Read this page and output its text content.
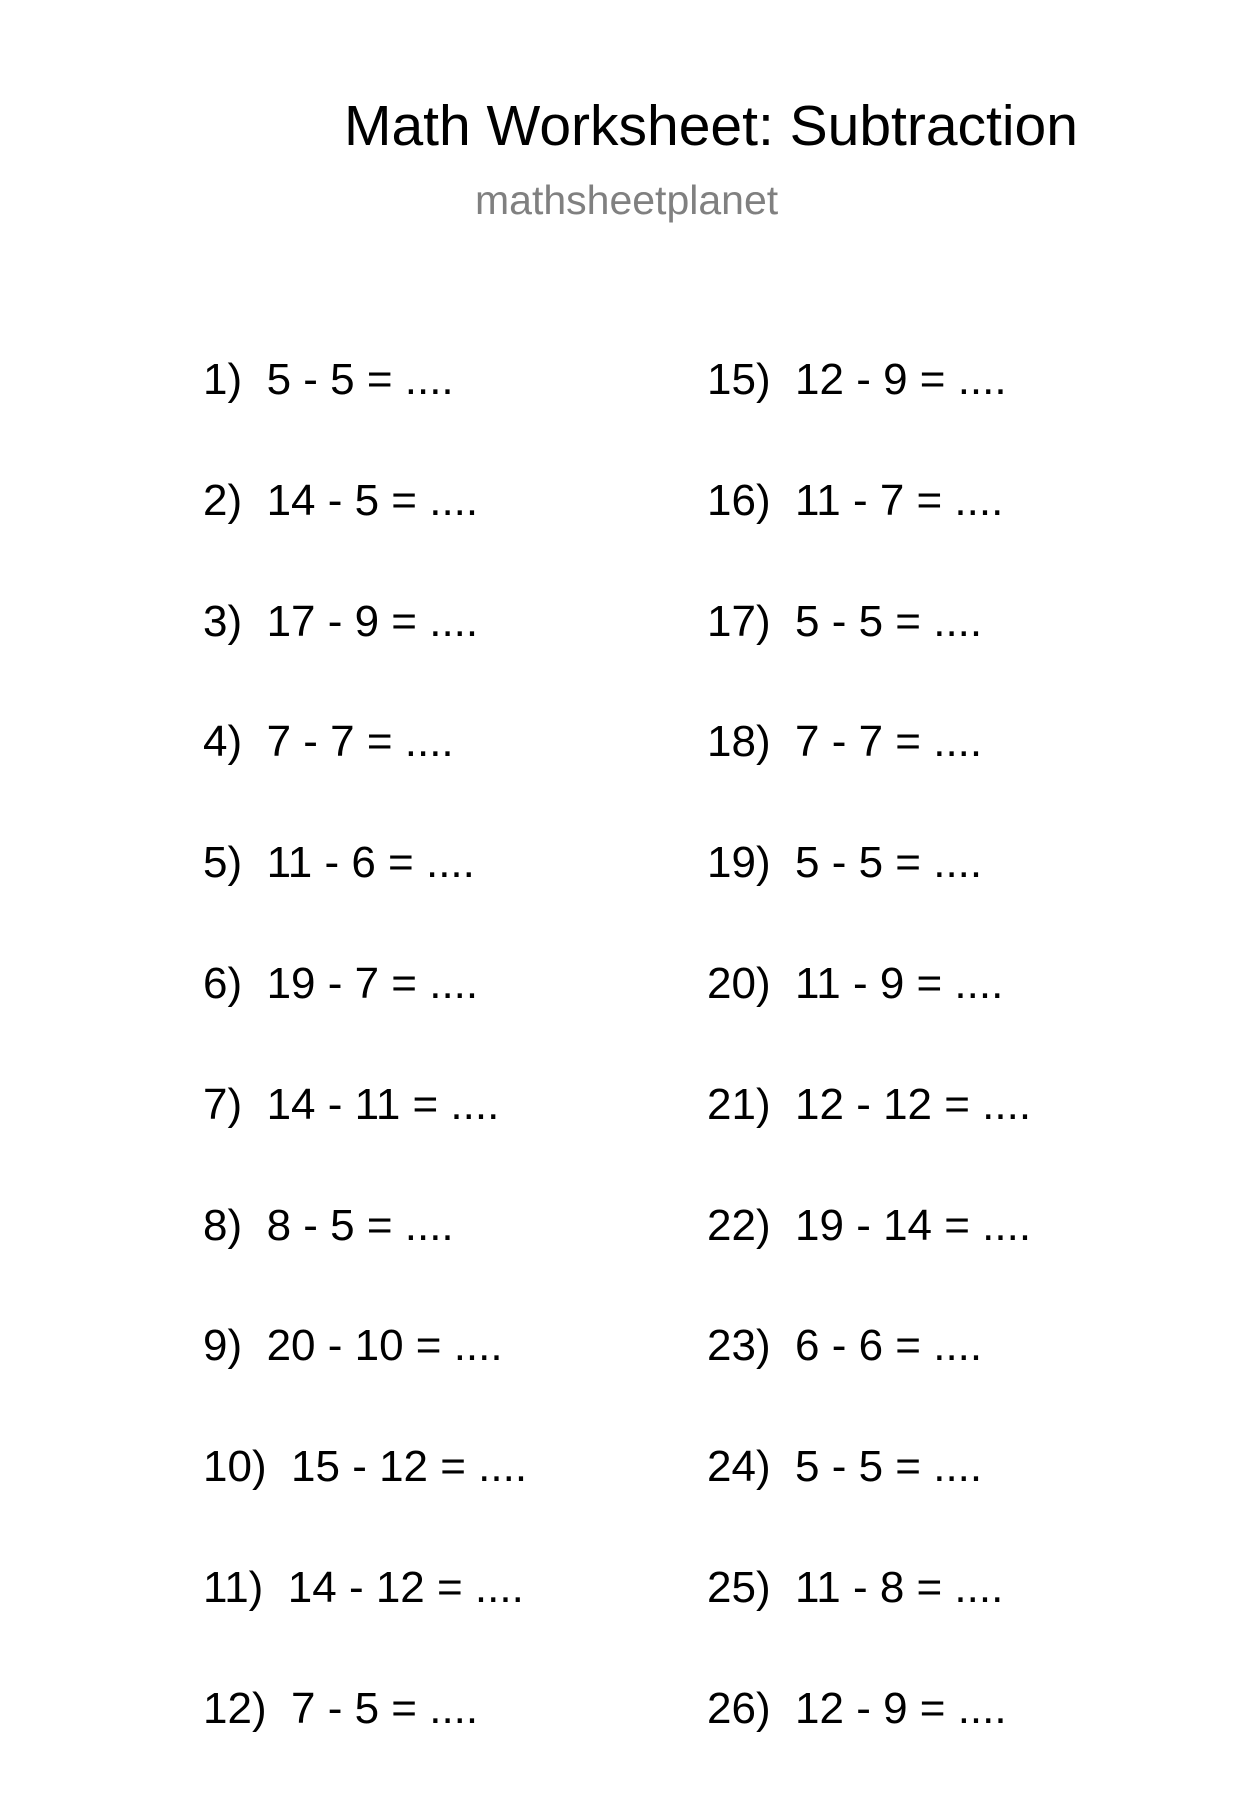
Math Worksheet: Subtraction
mathsheetplanet
1)  5 - 5 = ....
2)  14 - 5 = ....
3)  17 - 9 = ....
4)  7 - 7 = ....
5)  11 - 6 = ....
6)  19 - 7 = ....
7)  14 - 11 = ....
8)  8 - 5 = ....
9)  20 - 10 = ....
10)  15 - 12 = ....
11)  14 - 12 = ....
12)  7 - 5 = ....
15)  12 - 9 = ....
16)  11 - 7 = ....
17)  5 - 5 = ....
18)  7 - 7 = ....
19)  5 - 5 = ....
20)  11 - 9 = ....
21)  12 - 12 = ....
22)  19 - 14 = ....
23)  6 - 6 = ....
24)  5 - 5 = ....
25)  11 - 8 = ....
26)  12 - 9 = ....
